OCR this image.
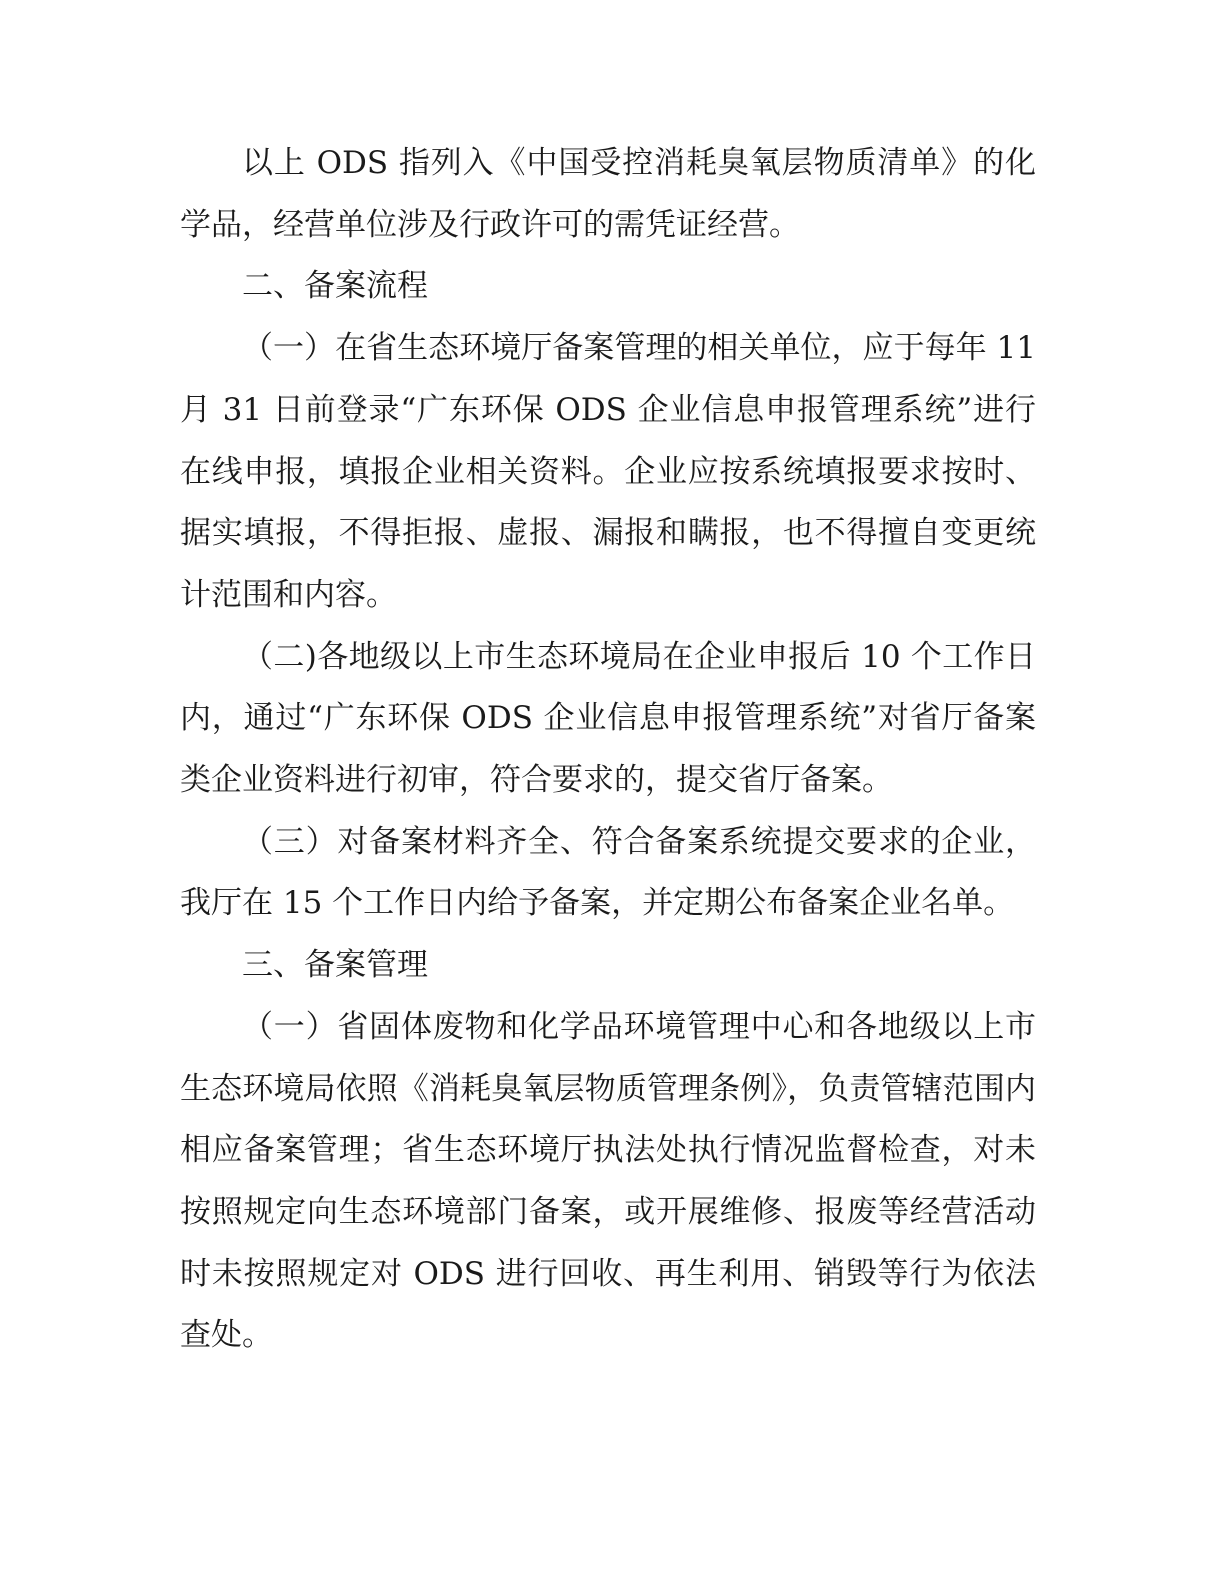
以上 ODS 指列入《中国受控消耗臭氧层物质清单》的化学品，经营单位涉及行政许可的需凭证经营。

二、备案流程

（一）在省生态环境厅备案管理的相关单位，应于每年 11 月 31 日前登录“广东环保 ODS 企业信息申报管理系统”进行在线申报，填报企业相关资料。企业应按系统填报要求按时、据实填报，不得拒报、虚报、漏报和瞒报，也不得擅自变更统计范围和内容。

（二)各地级以上市生态环境局在企业申报后 10 个工作日内，通过“广东环保 ODS 企业信息申报管理系统”对省厅备案类企业资料进行初审，符合要求的，提交省厅备案。

（三）对备案材料齐全、符合备案系统提交要求的企业，我厅在 15 个工作日内给予备案，并定期公布备案企业名单。

三、备案管理

（一）省固体废物和化学品环境管理中心和各地级以上市生态环境局依照《消耗臭氧层物质管理条例》，负责管辖范围内相应备案管理；省生态环境厅执法处执行情况监督检查，对未按照规定向生态环境部门备案，或开展维修、报废等经营活动时未按照规定对 ODS 进行回收、再生利用、销毁等行为依法查处。
